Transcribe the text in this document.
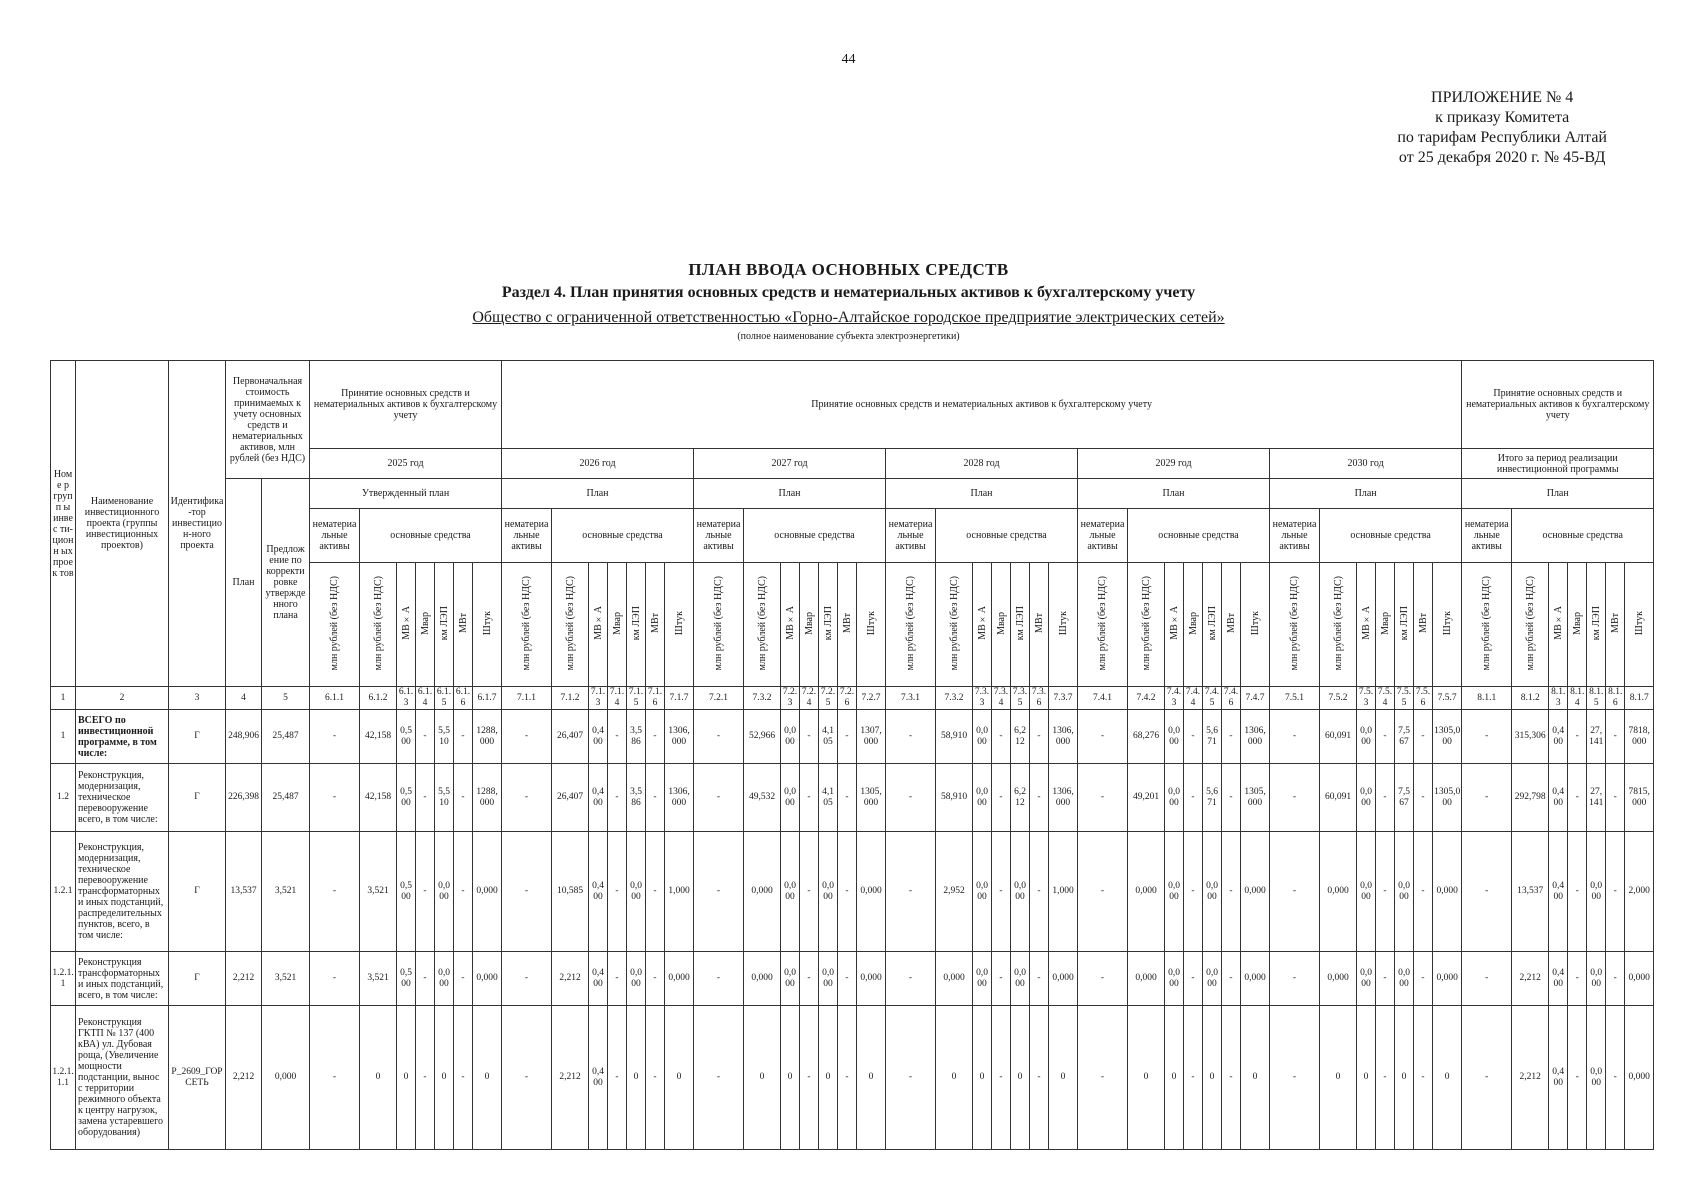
44
ПРИЛОЖЕНИЕ № 4
к приказу Комитета
по тарифам Республики Алтай
от 25 декабря 2020 г. № 45-ВД
ПЛАН ВВОДА ОСНОВНЫХ СРЕДСТВ
Раздел 4. План принятия основных средств и нематериальных активов к бухгалтерскому учету
Общество с ограниченной ответственностью «Горно-Алтайское городское предприятие электрических сетей»
(полное наименование субъекта электроэнергетики)
Номе р групп ы инвес ти- ционн ых проек тов	Наименование инвестиционного проекта (группы инвестиционных проектов)	Идентифика -тор инвестицио н-ного проекта	Первоначальная стоимость принимаемых к учету основных средств и нематериальных активов, млн рублей (без НДС)		Принятие основных средств и нематериальных активов к бухгалтерскому учету							Принятие основных средств и нематериальных активов к бухгалтерскому учету																																			Принятие основных средств и нематериальных активов к бухгалтерскому учету						
					2025 год							2026 год							2027 год							2028 год							2029 год							2030 год							Итого за период реализации инвестиционной программы						
			План	Предлож ение по корректи ровке утвержде нного плана	Утвержденный план							План							План							План							План							План							План						
					нематериа льные активы	основные средства						нематериа льные активы	основные средства						нематериа льные активы	основные средства						нематериа льные активы	основные средства						нематериа льные активы	основные средства						нематериа льные активы	основные средства						нематериа льные активы	основные средства					
					млн рублей (без НДС)	млн рублей (без НДС)	МВ×А	Мвар	км ЛЭП	МВт	Штук	млн рублей (без НДС)	млн рублей (без НДС)	МВ×А	Мвар	км ЛЭП	МВт	Штук	млн рублей (без НДС)	млн рублей (без НДС)	МВ×А	Мвар	км ЛЭП	МВт	Штук	млн рублей (без НДС)	млн рублей (без НДС)	МВ×А	Мвар	км ЛЭП	МВт	Штук	млн рублей (без НДС)	млн рублей (без НДС)	МВ×А	Мвар	км ЛЭП	МВт	Штук	млн рублей (без НДС)	млн рублей (без НДС)	МВ×А	Мвар	км ЛЭП	МВт	Штук	млн рублей (без НДС)	млн рублей (без НДС)	МВ×А	Мвар	км ЛЭП	МВт	Штук
1	2	3	4	5	6.1.1	6.1.2	6.1.3	6.1.4	6.1.5	6.1.6	6.1.7	7.1.1	7.1.2	7.1.3	7.1.4	7.1.5	7.1.6	7.1.7	7.2.1	7.3.2	7.2.3	7.2.4	7.2.5	7.2.6	7.2.7	7.3.1	7.3.2	7.3.3	7.3.4	7.3.5	7.3.6	7.3.7	7.4.1	7.4.2	7.4.3	7.4.4	7.4.5	7.4.6	7.4.7	7.5.1	7.5.2	7.5.3	7.5.4	7.5.5	7.5.6	7.5.7	8.1.1	8.1.2	8.1.3	8.1.4	8.1.5	8.1.6	8.1.7
1	ВСЕГО по инвестиционной программе, в том числе:	Г	248,906	25,487	-	42,158	0,500	-	5,510	-	1288,000	-	26,407	0,400	-	3,586	-	1306,000	-	52,966	0,000	-	4,105	-	1307,000	-	58,910	0,000	-	6,212	-	1306,000	-	68,276	0,000	-	5,671	-	1306,000	-	60,091	0,000	-	7,567	-	1305,000	-	315,306	0,400	-	27,141	-	7818,000
1.2	Реконструкция, модернизация, техническое перевооружение всего, в том числе:	Г	226,398	25,487	-	42,158	0,500	-	5,510	-	1288,000	-	26,407	0,400	-	3,586	-	1306,000	-	49,532	0,000	-	4,105	-	1305,000	-	58,910	0,000	-	6,212	-	1306,000	-	49,201	0,000	-	5,671	-	1305,000	-	60,091	0,000	-	7,567	-	1305,000	-	292,798	0,400	-	27,141	-	7815,000
1.2.1	Реконструкция, модернизация, техническое перевооружение трансформаторных и иных подстанций, распределительных пунктов, всего, в том числе:	Г	13,537	3,521	-	3,521	0,500	-	0,000	-	0,000	-	10,585	0,400	-	0,000	-	1,000	-	0,000	0,000	-	0,000	-	0,000	-	2,952	0,000	-	0,000	-	1,000	-	0,000	0,000	-	0,000	-	0,000	-	0,000	0,000	-	0,000	-	0,000	-	13,537	0,400	-	0,000	-	2,000
1.2.1.1	Реконструкция трансформаторных и иных подстанций, всего, в том числе:	Г	2,212	3,521	-	3,521	0,500	-	0,000	-	0,000	-	2,212	0,400	-	0,000	-	0,000	-	0,000	0,000	-	0,000	-	0,000	-	0,000	0,000	-	0,000	-	0,000	-	0,000	0,000	-	0,000	-	0,000	-	0,000	0,000	-	0,000	-	0,000	-	2,212	0,400	-	0,000	-	0,000
1.2.1.1.1	Реконструкция ГКТП № 137 (400 кВА) ул. Дубовая роща, (Увеличение мощности подстанции, вынос с территории режимного объекта к центру нагрузок, замена устаревшего оборудования)	P_2609_ГОРСЕТЬ	2,212	0,000	-	0	0	-	0	-	0	-	2,212	0,400	-	0	-	0	-	0	0	-	0	-	0	-	0	0	-	0	-	0	-	0	0	-	0	-	0	-	0	0	-	0	-	0	-	2,212	0,400	-	0,000	-	0,000
